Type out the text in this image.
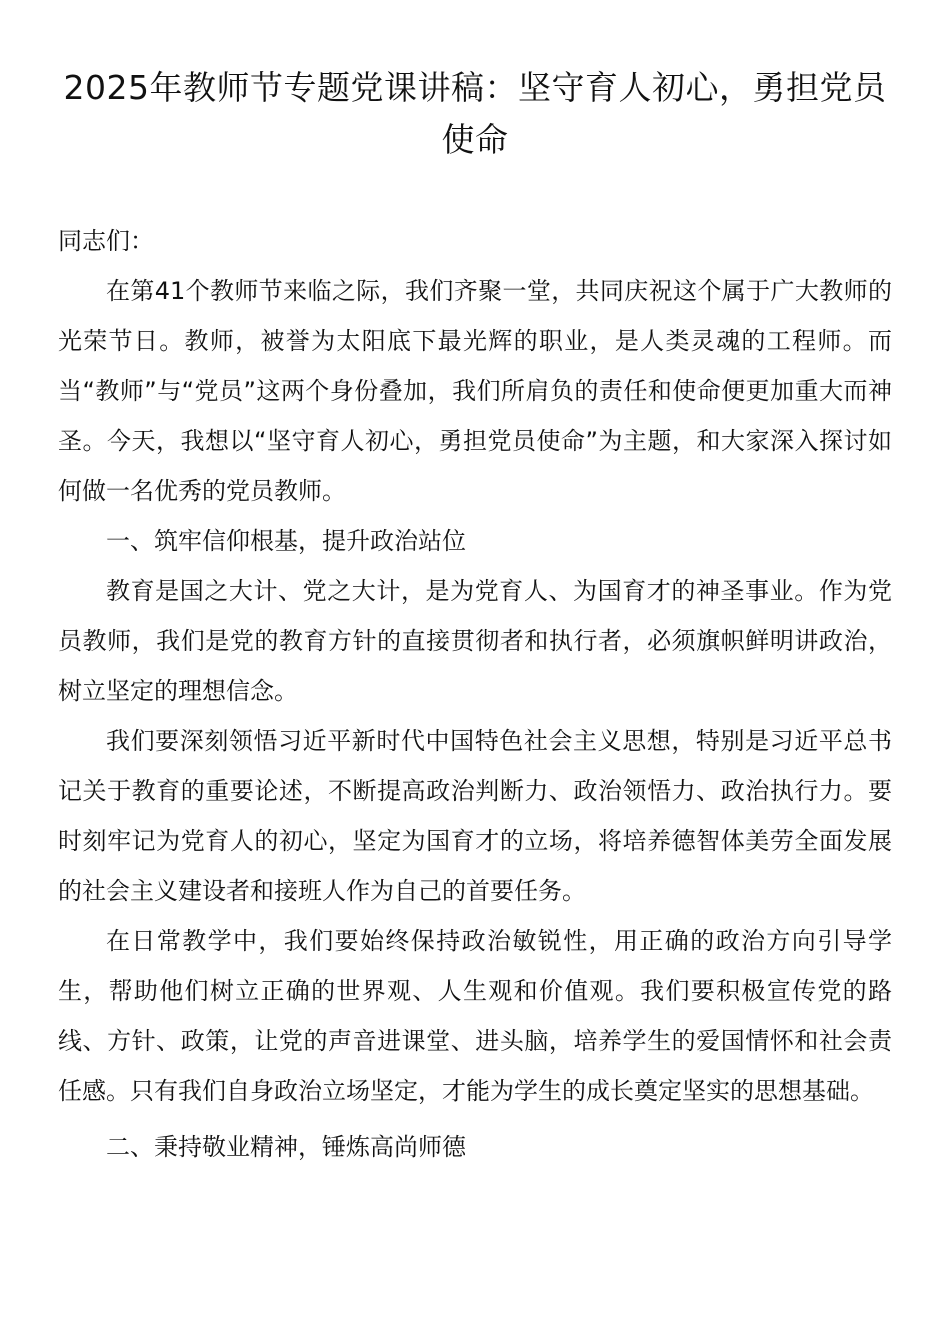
2025年教师节专题党课讲稿：坚守育人初心，勇担党员使命

同志们：

在第41个教师节来临之际，我们齐聚一堂，共同庆祝这个属于广大教师的光荣节日。教师，被誉为太阳底下最光辉的职业，是人类灵魂的工程师。而当“教师”与“党员”这两个身份叠加，我们所肩负的责任和使命便更加重大而神圣。今天，我想以“坚守育人初心，勇担党员使命”为主题，和大家深入探讨如何做一名优秀的党员教师。

一、筑牢信仰根基，提升政治站位

教育是国之大计、党之大计，是为党育人、为国育才的神圣事业。作为党员教师，我们是党的教育方针的直接贯彻者和执行者，必须旗帜鲜明讲政治，树立坚定的理想信念。

我们要深刻领悟习近平新时代中国特色社会主义思想，特别是习近平总书记关于教育的重要论述，不断提高政治判断力、政治领悟力、政治执行力。要时刻牢记为党育人的初心，坚定为国育才的立场，将培养德智体美劳全面发展的社会主义建设者和接班人作为自己的首要任务。

在日常教学中，我们要始终保持政治敏锐性，用正确的政治方向引导学生，帮助他们树立正确的世界观、人生观和价值观。我们要积极宣传党的路线、方针、政策，让党的声音进课堂、进头脑，培养学生的爱国情怀和社会责任感。只有我们自身政治立场坚定，才能为学生的成长奠定坚实的思想基础。

二、秉持敬业精神，锤炼高尚师德
